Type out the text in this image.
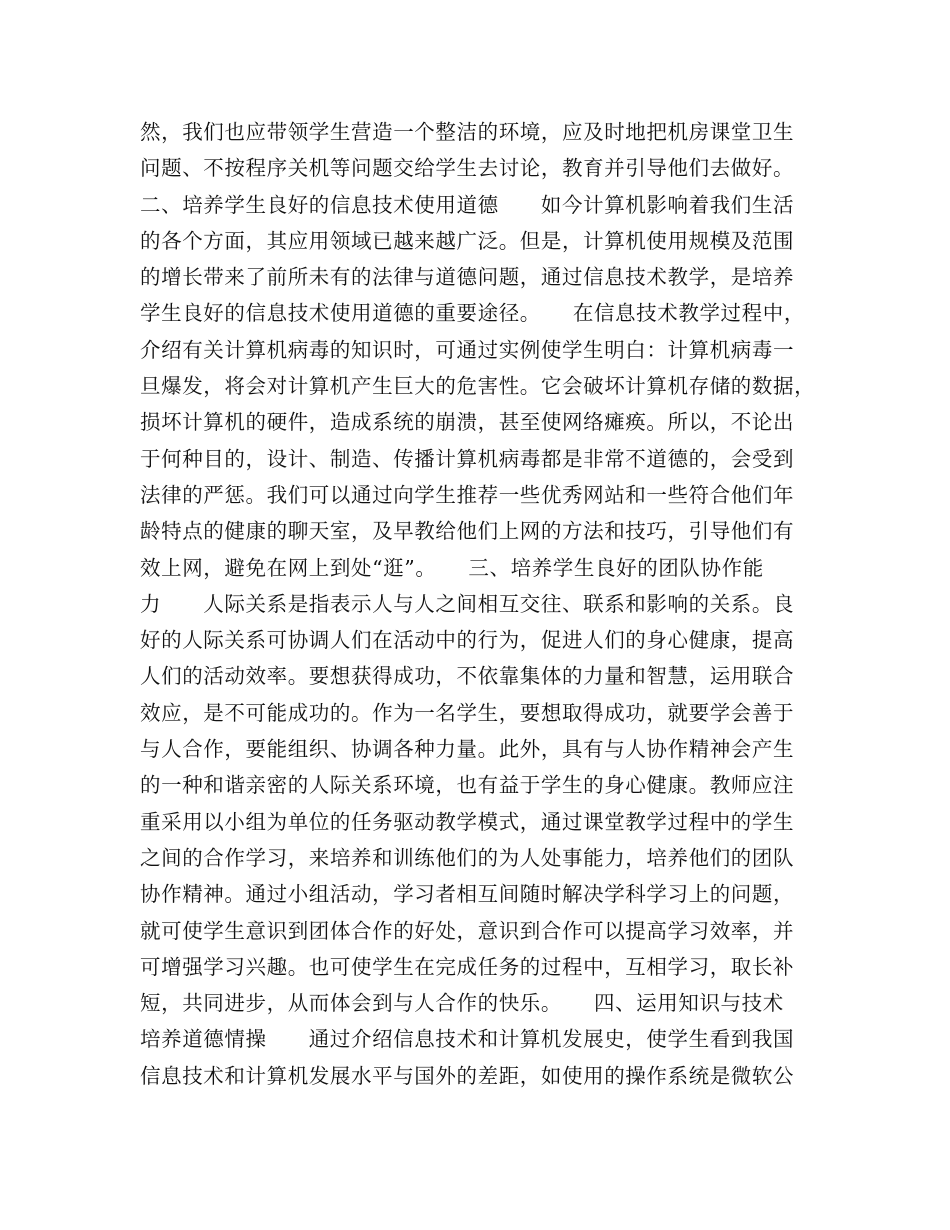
然，我们也应带领学生营造一个整洁的环境，应及时地把机房课堂卫生
问题、不按程序关机等问题交给学生去讨论，教育并引导他们去做好。
二、培养学生良好的信息技术使用道德　　如今计算机影响着我们生活
的各个方面，其应用领域已越来越广泛。但是，计算机使用规模及范围
的增长带来了前所未有的法律与道德问题，通过信息技术教学，是培养
学生良好的信息技术使用道德的重要途径。　　在信息技术教学过程中，
介绍有关计算机病毒的知识时，可通过实例使学生明白：计算机病毒一
旦爆发，将会对计算机产生巨大的危害性。它会破坏计算机存储的数据，
损坏计算机的硬件，造成系统的崩溃，甚至使网络瘫痪。所以，不论出
于何种目的，设计、制造、传播计算机病毒都是非常不道德的，会受到
法律的严惩。我们可以通过向学生推荐一些优秀网站和一些符合他们年
龄特点的健康的聊天室，及早教给他们上网的方法和技巧，引导他们有
效上网，避免在网上到处“逛”。　　三、培养学生良好的团队协作能
力　　人际关系是指表示人与人之间相互交往、联系和影响的关系。良
好的人际关系可协调人们在活动中的行为，促进人们的身心健康，提高
人们的活动效率。要想获得成功，不依靠集体的力量和智慧，运用联合
效应，是不可能成功的。作为一名学生，要想取得成功，就要学会善于
与人合作，要能组织、协调各种力量。此外，具有与人协作精神会产生
的一种和谐亲密的人际关系环境，也有益于学生的身心健康。教师应注
重采用以小组为单位的任务驱动教学模式，通过课堂教学过程中的学生
之间的合作学习，来培养和训练他们的为人处事能力，培养他们的团队
协作精神。通过小组活动，学习者相互间随时解决学科学习上的问题，
就可使学生意识到团体合作的好处，意识到合作可以提高学习效率，并
可增强学习兴趣。也可使学生在完成任务的过程中，互相学习，取长补
短，共同进步，从而体会到与人合作的快乐。　　四、运用知识与技术
培养道德情操　　通过介绍信息技术和计算机发展史，使学生看到我国
信息技术和计算机发展水平与国外的差距，如使用的操作系统是微软公
